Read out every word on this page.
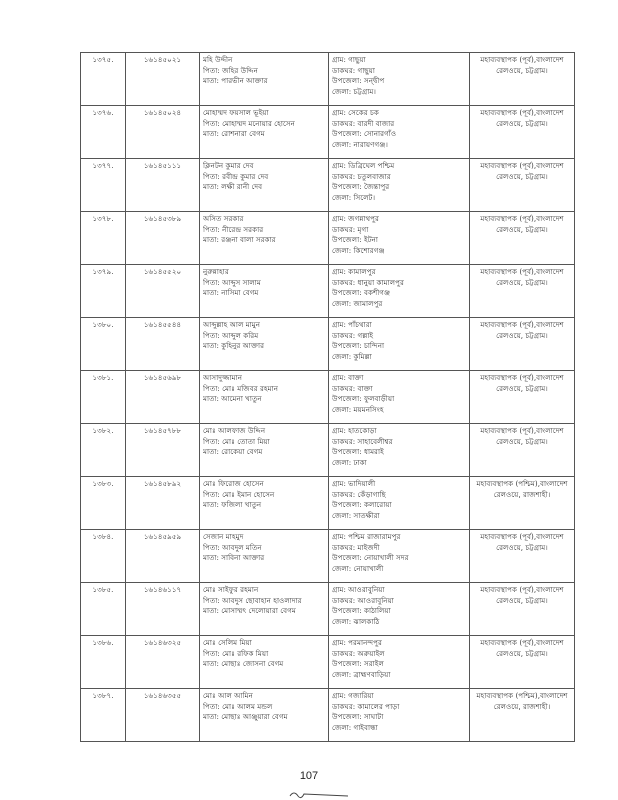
১৩৭৫.	১৬১৪৫০২১	মহি উদ্দীন
পিতা: জহির উদ্দিন
মাতা: পারভীন আক্তার	গ্রাম: গাছুয়া
ডাকঘর: গাছুয়া
উপজেলা: সন্দ্বীপ
জেলা: চট্টগ্রাম।	মহাব্যবস্থাপক (পূর্ব),বাংলাদেশ
রেলওয়ে, চট্টগ্রাম।

১৩৭৬.	১৬১৪৫০২৪	মোহাম্মদ ফয়সাল ভূইয়া
পিতা: মোহাম্মদ মনোয়ার হোসেন
মাতা: রোশনারা বেগম	গ্রাম: সেকের চক
ডাকঘর: বারদী বাজার
উপজেলা: সোনারগাঁও
জেলা: নারায়ণগঞ্জ।	মহাব্যবস্থাপক (পূর্ব),বাংলাদেশ
রেলওয়ে, চট্টগ্রাম।

১৩৭৭.	১৬১৪৫১১১	ক্লিনটন কুমার দেব
পিতা: রবীন্দ্র কুমার দেব
মাতা: লক্ষী রানী দেব	গ্রাম: ডিব্রিঘেল পশ্চিম
ডাকঘর: চতুলবাজার
উপজেলা: জৈন্তাপুর
জেলা: সিলেট।	মহাব্যবস্থাপক (পূর্ব),বাংলাদেশ
রেলওয়ে, চট্টগ্রাম।

১৩৭৮.	১৬১৪৫৩৮৯	অসিত সরকার
পিতা: নীরেন্দ্র সরকার
মাতা: রঞ্জনা বালা সরকার	গ্রাম: জগন্নাথপুর
ডাকঘর: মৃগা
উপজেলা: ইটনা
জেলা: কিশোরগঞ্জ	মহাব্যবস্থাপক (পূর্ব),বাংলাদেশ
রেলওয়ে, চট্টগ্রাম।

১৩৭৯.	১৬১৪৫৫২০	নুরুন্নাহার
পিতা: আব্দুস সালাম
মাতা: নাসিমা বেগম	গ্রাম: কামালপুর
ডাকঘর: ধানুয়া কামালপুর
উপজেলা: বকশীগঞ্জ
জেলা: জামালপুর	মহাব্যবস্থাপক (পূর্ব),বাংলাদেশ
রেলওয়ে, চট্টগ্রাম।

১৩৮০.	১৬১৪৫৫৪৪	আব্দুল্লাহ আল মামুন
পিতা: আব্দুল করিম
মাতা: কুহিনুর আক্তার	গ্রাম: পাঁচথারা
ডাকঘর: গল্লাই
উপজেলা: চান্দিনা
জেলা: কুমিল্লা	মহাব্যবস্থাপক (পূর্ব),বাংলাদেশ
রেলওয়ে, চট্টগ্রাম।

১৩৮১.	১৬১৪৫৬৯৮	আসাদুজ্জামান
পিতা: মোঃ মজিবর রহমান
মাতা: আমেনা খাতুন	গ্রাম: বাক্তা
ডাকঘর: বাক্তা
উপজেলা: ফুলবাড়ীয়া
জেলা: ময়মনসিংহ	মহাব্যবস্থাপক (পূর্ব),বাংলাদেশ
রেলওয়ে, চট্টগ্রাম।

১৩৮২.	১৬১৪৫৭৮৮	মোঃ আলফাজ উদ্দিন
পিতা: মোঃ তোতা মিয়া
মাতা: রোকেয়া বেগম	গ্রাম: হাতকোড়া
ডাকঘর: সাহাবেলীশ্বর
উপজেলা: ধামরাই
জেলা: ঢাকা	মহাব্যবস্থাপক (পূর্ব),বাংলাদেশ
রেলওয়ে, চট্টগ্রাম।

১৩৮৩.	১৬১৪৫৮৯২	মোঃ ফিরোজ হোসেন
পিতা: মোঃ ইমান হোসেন
মাতা: ফজিলা খাতুন	গ্রাম: ভাদিয়ালী
ডাকঘর: কেঁড়াগাছি
উপজেলা: কলারোয়া
জেলা: সাতক্ষীরা	মহাব্যবস্থাপক (পশ্চিম),বাংলাদেশ
রেলওয়ে, রাজশাহী।

১৩৮৪.	১৬১৪৫৯৫৯	সেজান মাহমুদ
পিতা: আবদুল মতিন
মাতা: সাবিনা আক্তার	গ্রাম: পশ্চিম রাজারামপুর
ডাকঘর: মাইজদী
উপজেলা: নোয়াখালী সদর
জেলা: নোয়াখালী	মহাব্যবস্থাপক (পূর্ব),বাংলাদেশ
রেলওয়ে, চট্টগ্রাম।

১৩৮৫.	১৬১৪৬১১৭	মোঃ সাইফুর রহমান
পিতা: আবদুস ছোবাহান হাওলাদার
মাতা: মোসাম্মৎ দেলোয়ারা বেগম	গ্রাম: আওরাবুনিয়া
ডাকঘর: আওরাবুনিয়া
উপজেলা: কাঠালিয়া
জেলা: ঝালকাঠি	মহাব্যবস্থাপক (পূর্ব),বাংলাদেশ
রেলওয়ে, চট্টগ্রাম।

১৩৮৬.	১৬১৪৬৩২৫	মোঃ সেলিম মিয়া
পিতা: মোঃ রফিক মিয়া
মাতা: মোছাঃ জোসনা বেগম	গ্রাম: পরমানন্দপুর
ডাকঘর: অরুয়াইল
উপজেলা: সরাইল
জেলা: ব্রাহ্মণবাড়িয়া	মহাব্যবস্থাপক (পূর্ব),বাংলাদেশ
রেলওয়ে, চট্টগ্রাম।

১৩৮৭.	১৬১৪৬৩৫৫	মোঃ আল আমিন
পিতা: মোঃ আলম মন্ডল
মাতা: মোছাঃ আঞ্জুয়ারা বেগম	গ্রাম: গজারিয়া
ডাকঘর: কামালের পাড়া
উপজেলা: সাঘাটা
জেলা: গাইবান্ধা	মহাব্যবস্থাপক (পশ্চিম),বাংলাদেশ
রেলওয়ে, রাজশাহী।
107
